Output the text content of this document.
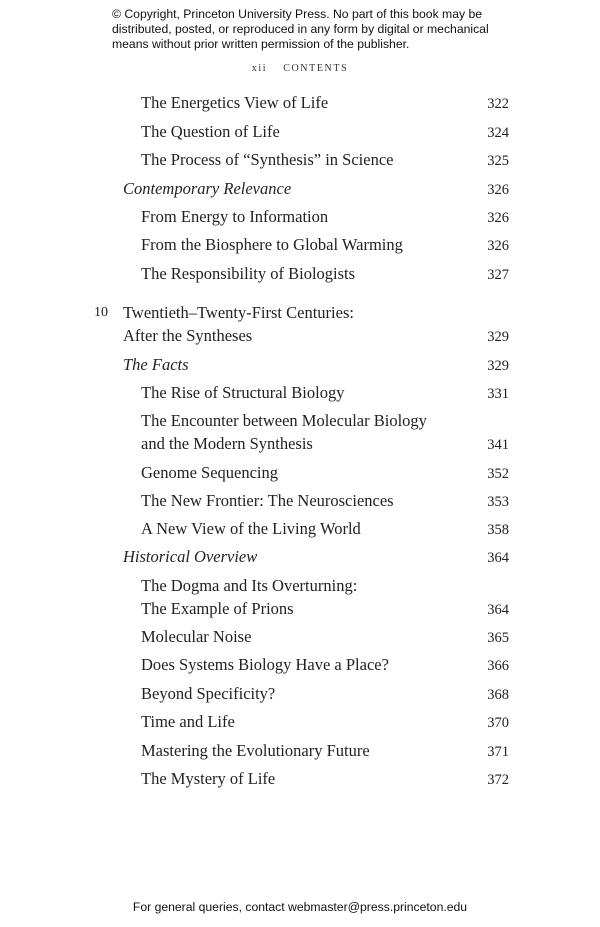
© Copyright, Princeton University Press. No part of this book may be distributed, posted, or reproduced in any form by digital or mechanical means without prior written permission of the publisher.
xii CONTENTS
The Energetics View of Life	322
The Question of Life	324
The Process of “Synthesis” in Science	325
Contemporary Relevance	326
From Energy to Information	326
From the Biosphere to Global Warming	326
The Responsibility of Biologists	327
10 Twentieth–Twenty-First Centuries:
After the Syntheses	329
The Facts	329
The Rise of Structural Biology	331
The Encounter between Molecular Biology
and the Modern Synthesis	341
Genome Sequencing	352
The New Frontier: The Neurosciences	353
A New View of the Living World	358
Historical Overview	364
The Dogma and Its Overturning:
The Example of Prions	364
Molecular Noise	365
Does Systems Biology Have a Place?	366
Beyond Specificity?	368
Time and Life	370
Mastering the Evolutionary Future	371
The Mystery of Life	372
For general queries, contact webmaster@press.princeton.edu
